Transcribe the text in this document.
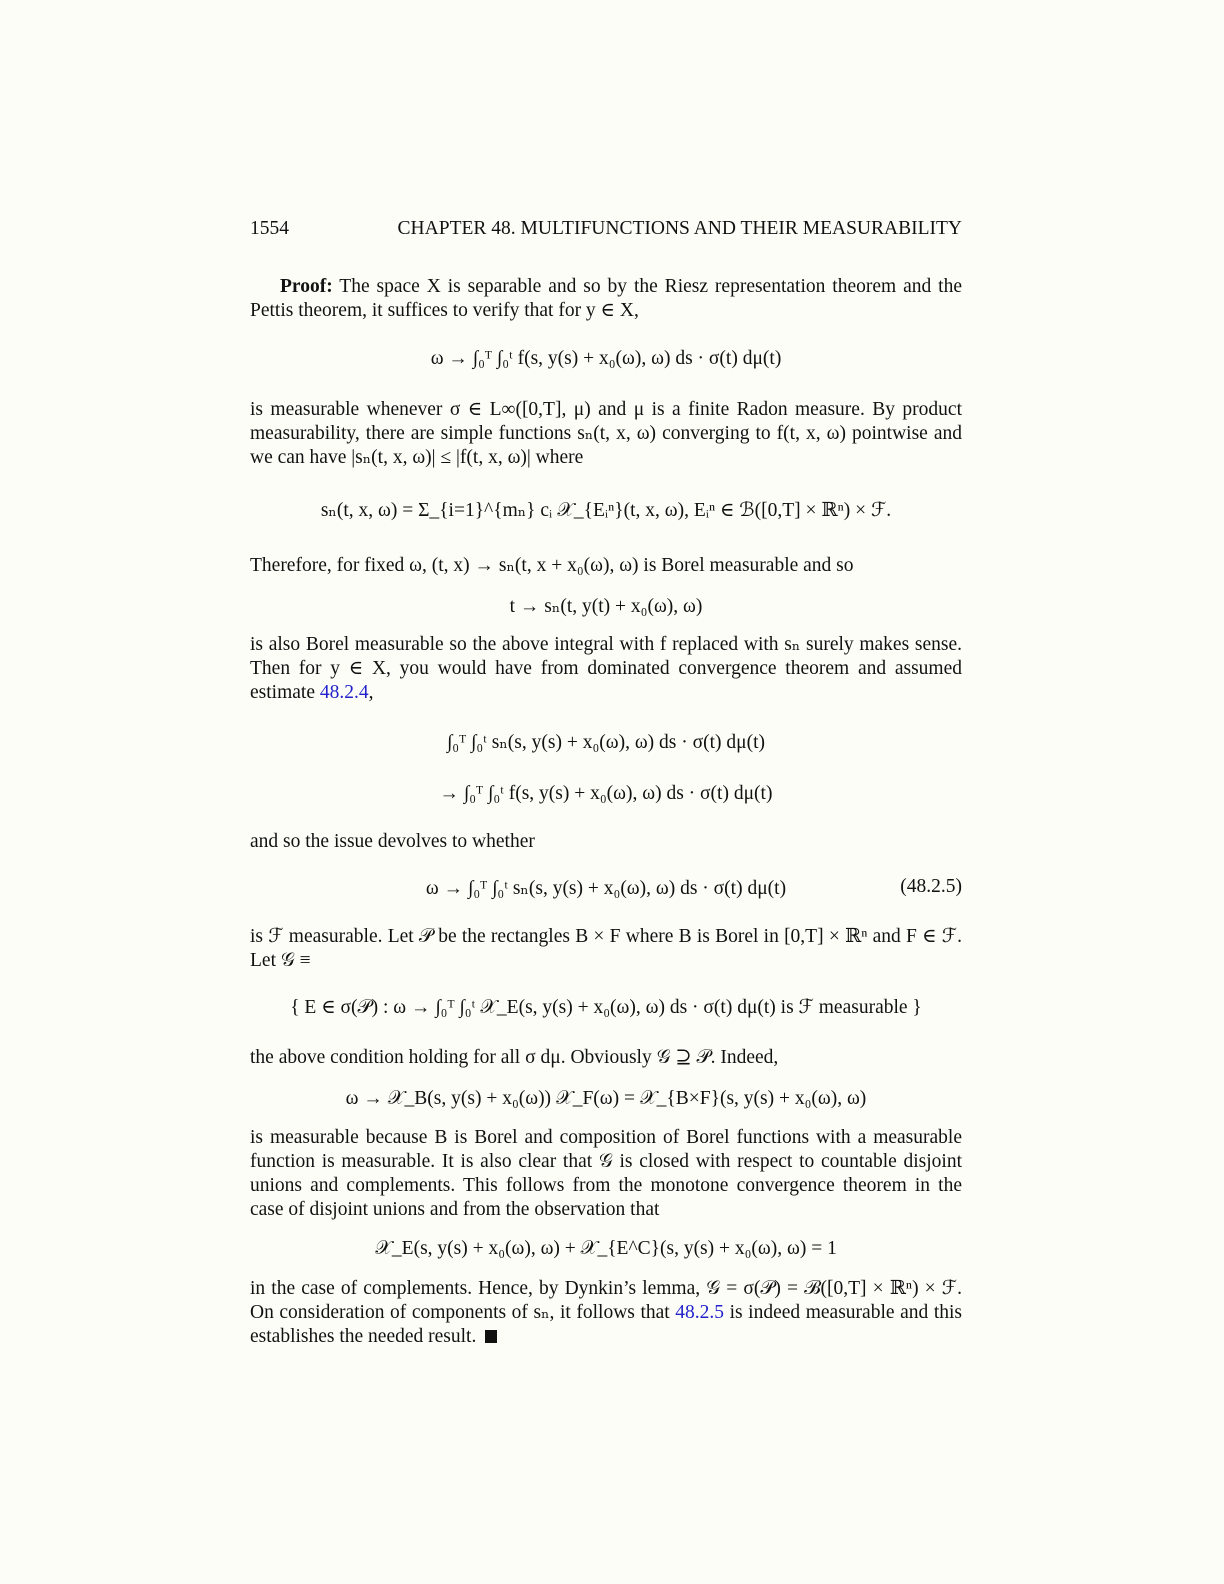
1554	CHAPTER 48. MULTIFUNCTIONS AND THEIR MEASURABILITY
Proof: The space X is separable and so by the Riesz representation theorem and the Pettis theorem, it suffices to verify that for y ∈ X,
ω → ∫₀ᵀ ∫₀ᵗ f(s, y(s) + x₀(ω), ω) ds · σ(t) dμ(t)
is measurable whenever σ ∈ L∞([0,T], μ) and μ is a finite Radon measure. By product measurability, there are simple functions sₙ(t, x, ω) converging to f(t, x, ω) pointwise and we can have |sₙ(t, x, ω)| ≤ |f(t, x, ω)| where
sₙ(t, x, ω) = Σ_{i=1}^{mₙ} cᵢ 𝒳_{Eᵢⁿ}(t, x, ω), Eᵢⁿ ∈ ℬ([0,T] × ℝⁿ) × ℱ.
Therefore, for fixed ω, (t, x) → sₙ(t, x + x₀(ω), ω) is Borel measurable and so
t → sₙ(t, y(t) + x₀(ω), ω)
is also Borel measurable so the above integral with f replaced with sₙ surely makes sense. Then for y ∈ X, you would have from dominated convergence theorem and assumed estimate 48.2.4,
∫₀ᵀ ∫₀ᵗ sₙ(s, y(s) + x₀(ω), ω) ds · σ(t) dμ(t)
→ ∫₀ᵀ ∫₀ᵗ f(s, y(s) + x₀(ω), ω) ds · σ(t) dμ(t)
and so the issue devolves to whether
ω → ∫₀ᵀ ∫₀ᵗ sₙ(s, y(s) + x₀(ω), ω) ds · σ(t) dμ(t)	(48.2.5)
is ℱ measurable. Let 𝒫 be the rectangles B × F where B is Borel in [0,T] × ℝⁿ and F ∈ ℱ. Let 𝒢 ≡
{ E ∈ σ(𝒫) : ω → ∫₀ᵀ ∫₀ᵗ 𝒳_E(s, y(s) + x₀(ω), ω) ds · σ(t) dμ(t) is ℱ measurable }
the above condition holding for all σ dμ. Obviously 𝒢 ⊇ 𝒫. Indeed,
ω → 𝒳_B(s, y(s) + x₀(ω)) 𝒳_F(ω) = 𝒳_{B×F}(s, y(s) + x₀(ω), ω)
is measurable because B is Borel and composition of Borel functions with a measurable function is measurable. It is also clear that 𝒢 is closed with respect to countable disjoint unions and complements. This follows from the monotone convergence theorem in the case of disjoint unions and from the observation that
𝒳_E(s, y(s) + x₀(ω), ω) + 𝒳_{E^C}(s, y(s) + x₀(ω), ω) = 1
in the case of complements. Hence, by Dynkin’s lemma, 𝒢 = σ(𝒫) = ℬ([0,T] × ℝⁿ) × ℱ. On consideration of components of sₙ, it follows that 48.2.5 is indeed measurable and this establishes the needed result.
